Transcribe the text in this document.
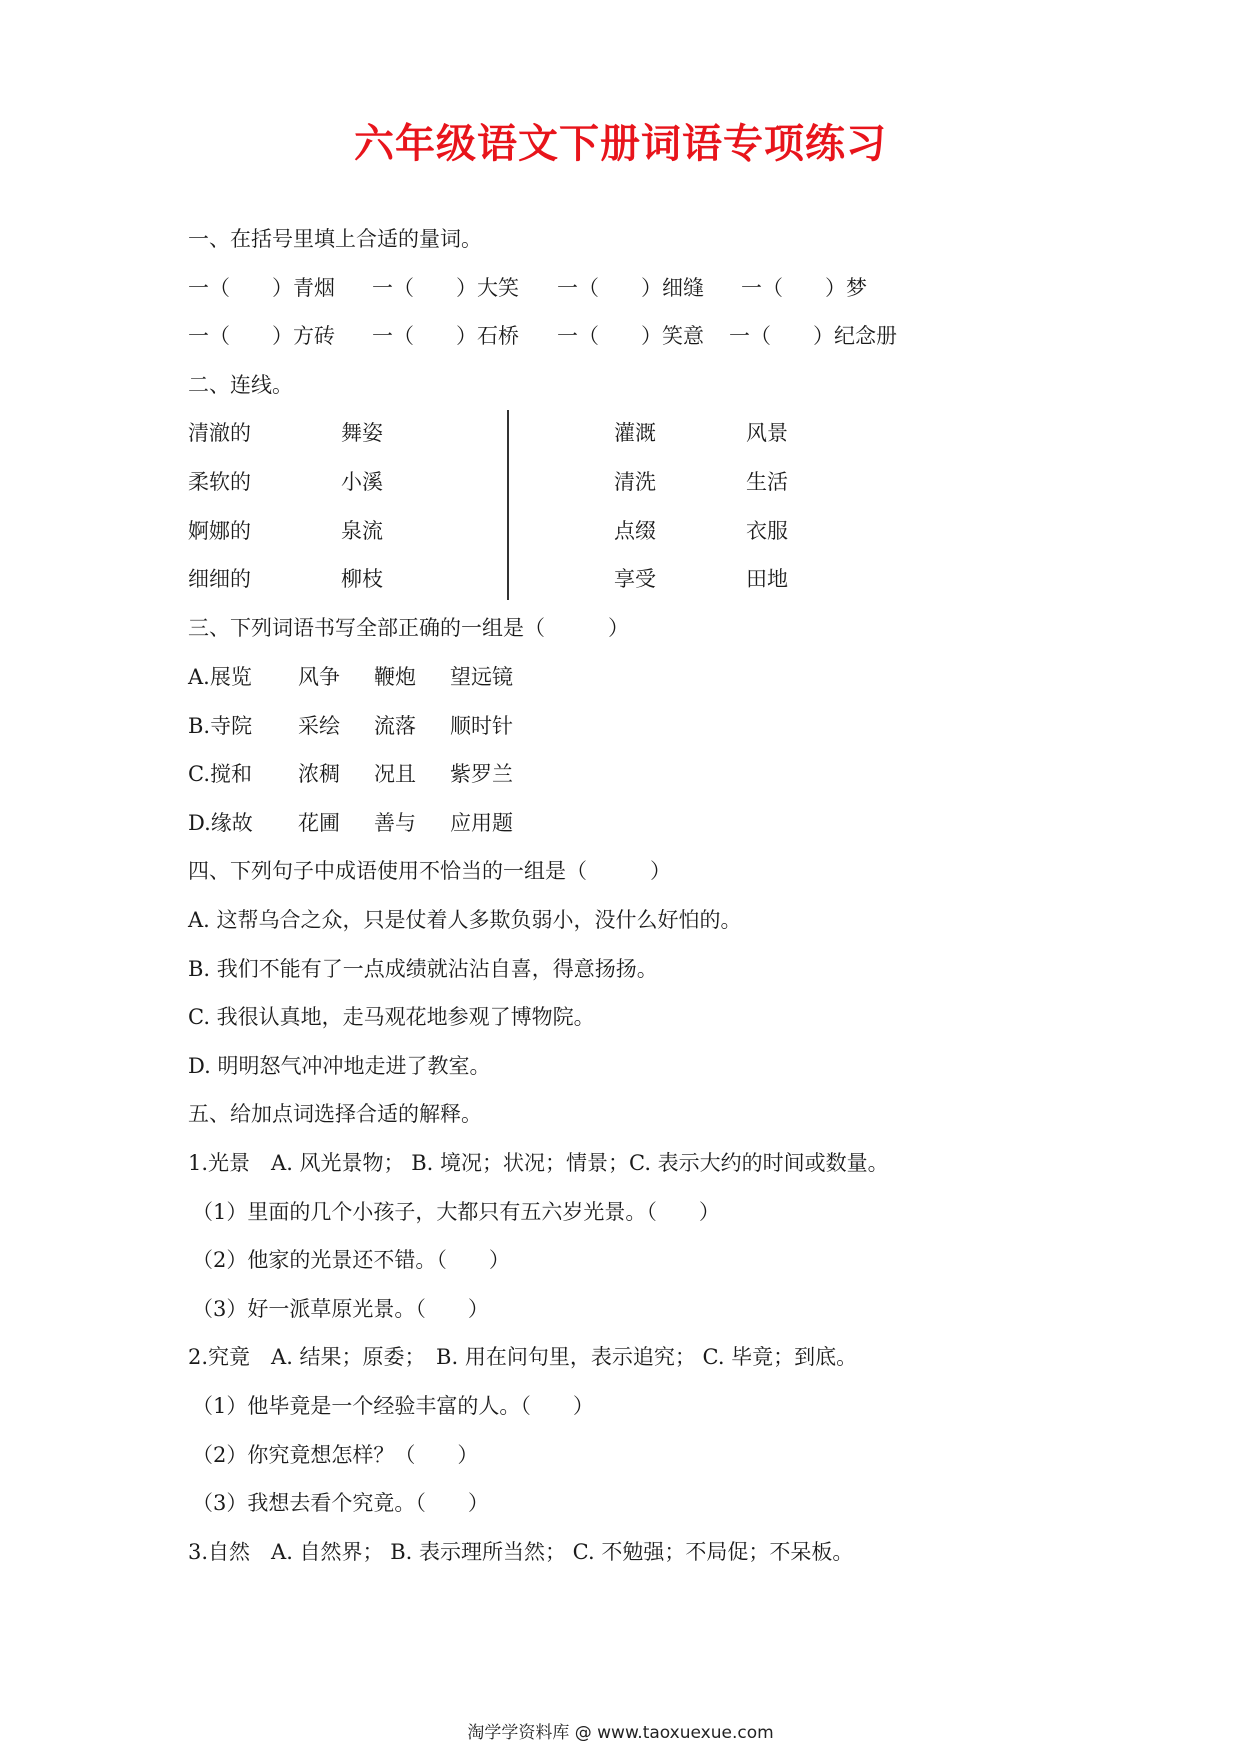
六年级语文下册词语专项练习
一、在括号里填上合适的量词。
一（　　）青烟 一（　　）大笑 一（　　）细缝 一（　　）梦
一（　　）方砖 一（　　）石桥 一（　　）笑意 一（　　）纪念册
二、连线。
清澈的	舞姿
柔软的	小溪
婀娜的	泉流
细细的	柳枝
灌溉	风景
清洗	生活
点缀	衣服
享受	田地
三、下列词语书写全部正确的一组是（　　　）
A.展览 风争 鞭炮 望远镜
B.寺院 采绘 流落 顺时针
C.搅和 浓稠 况且 紫罗兰
D.缘故 花圃 善与 应用题
四、下列句子中成语使用不恰当的一组是（　　　）
A. 这帮乌合之众，只是仗着人多欺负弱小，没什么好怕的。
B. 我们不能有了一点成绩就沾沾自喜，得意扬扬。
C. 我很认真地，走马观花地参观了博物院。
D. 明明怒气冲冲地走进了教室。
五、给加点词选择合适的解释。
1.光景　A. 风光景物； B. 境况；状况；情景；C. 表示大约的时间或数量。
（1）里面的几个小孩子，大都只有五六岁光景。（　　）
（2）他家的光景还不错。（　　）
（3）好一派草原光景。（　　）
2.究竟　A. 结果；原委；　B. 用在问句里，表示追究； C. 毕竟；到底。
（1）他毕竟是一个经验丰富的人。（　　）
（2）你究竟想怎样？（　　）
（3）我想去看个究竟。（　　）
3.自然　A. 自然界； B. 表示理所当然； C. 不勉强；不局促；不呆板。
淘学学资料库 @ www.taoxuexue.com
